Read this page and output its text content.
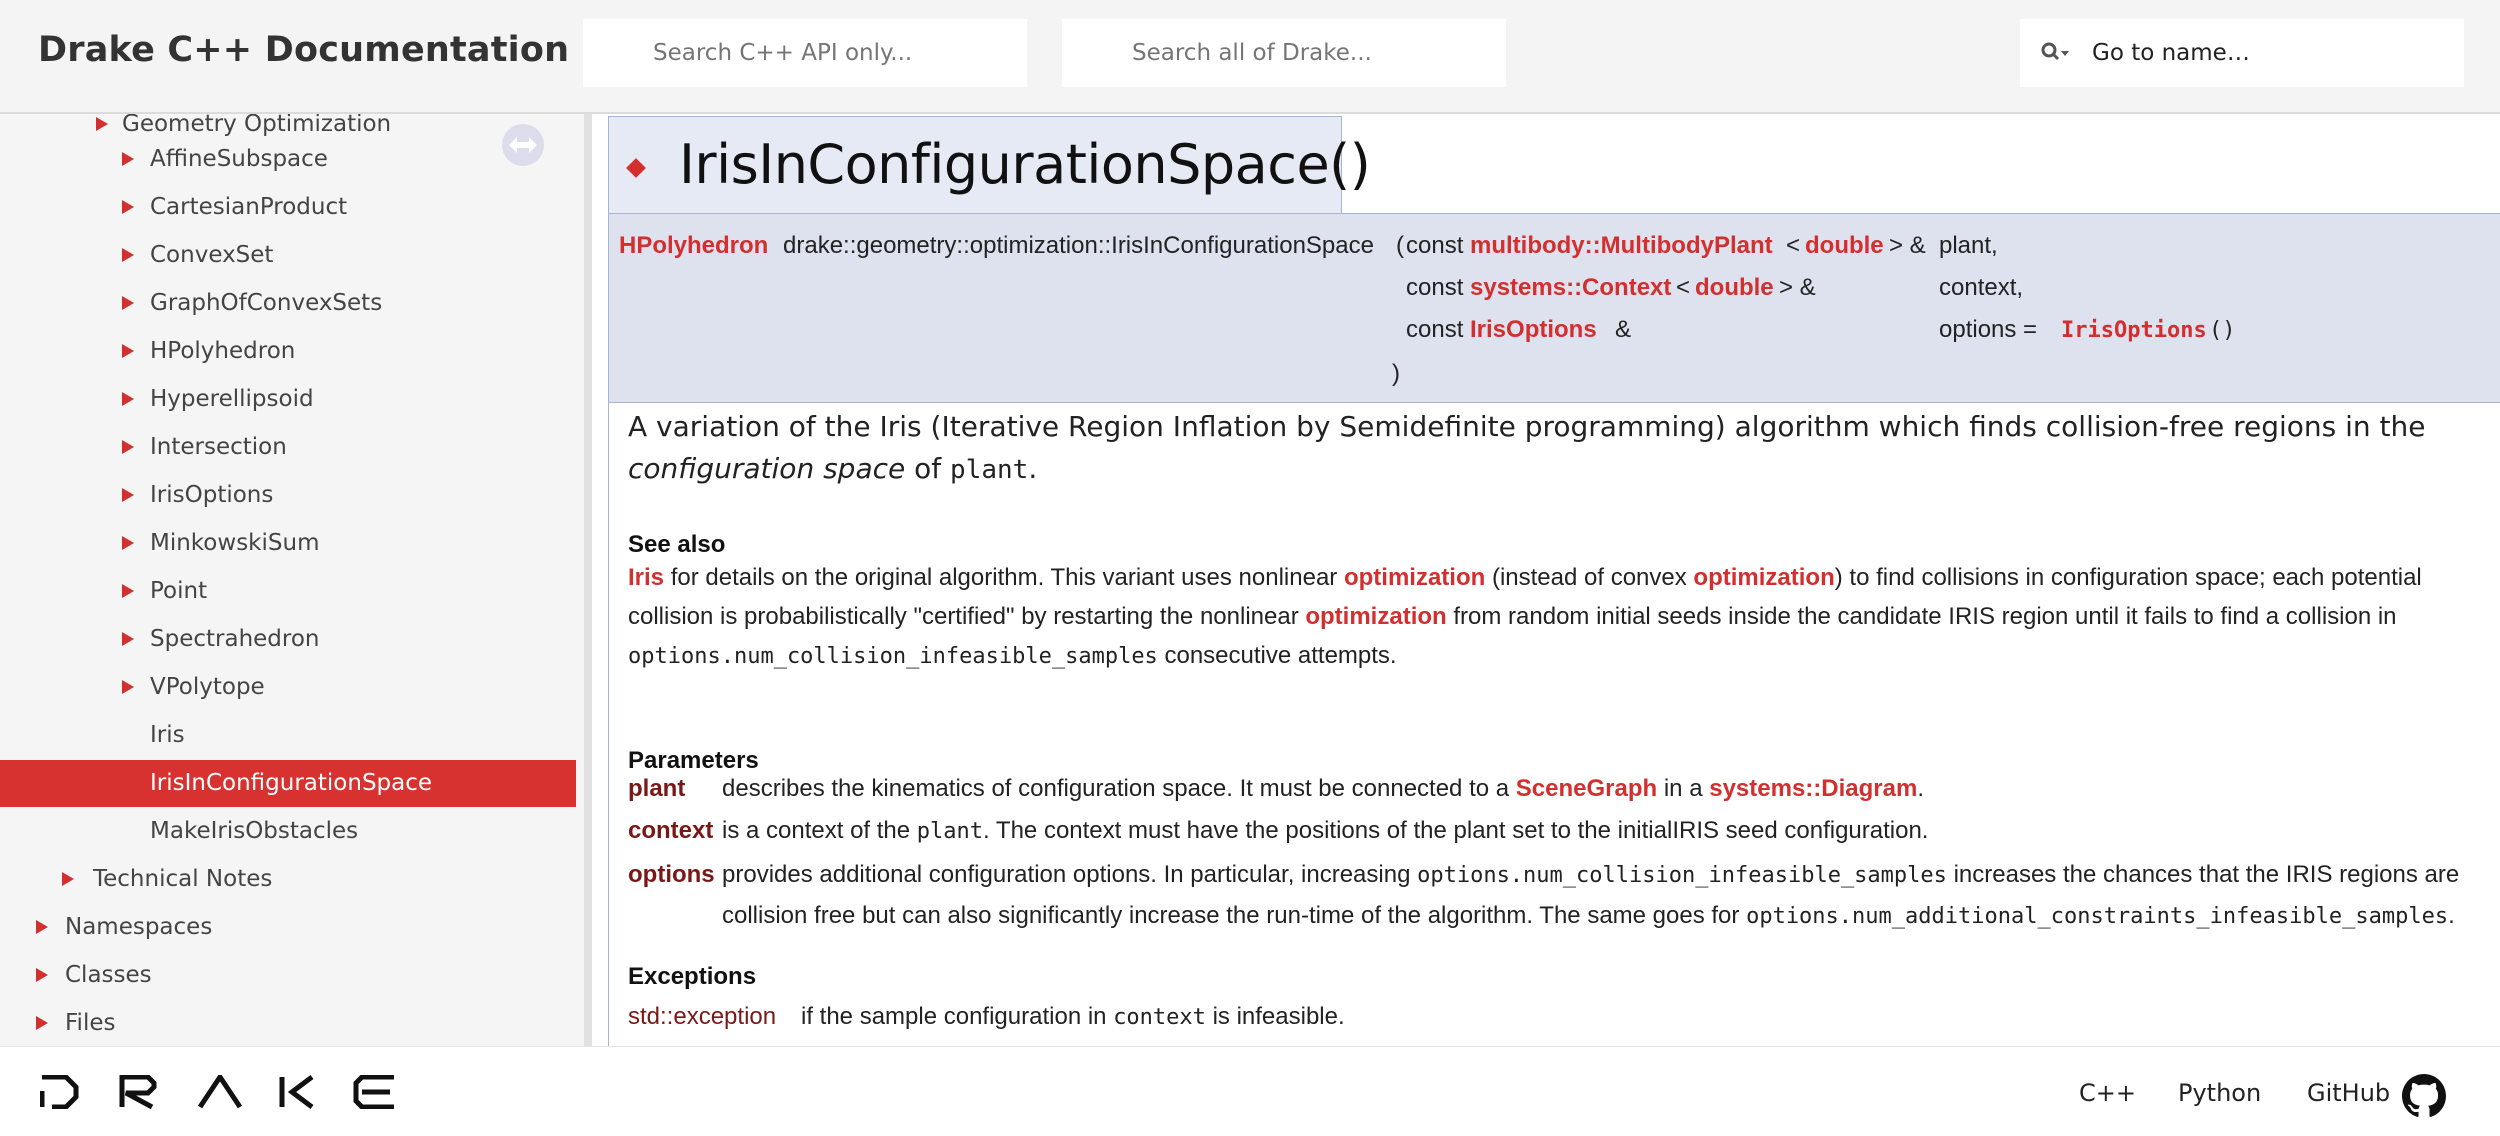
Drake C++ Documentation	Search C++ API only...	Search all of Drake...	Go to name…
Geometry Optimization
AffineSubspace
CartesianProduct
ConvexSet
GraphOfConvexSets
HPolyhedron
Hyperellipsoid
Intersection
IrisOptions
MinkowskiSum
Point
Spectrahedron
VPolytope
Iris
IrisInConfigurationSpace
MakeIrisObstacles
Technical Notes
Namespaces
Classes
Files
IrisInConfigurationSpace()
HPolyhedron drake::geometry::optimization::IrisInConfigurationSpace ( const multibody::MultibodyPlant < double > & plant,
const systems::Context < double > &	context,
const IrisOptions &	options = IrisOptions ()
)
A variation of the Iris (Iterative Region Inflation by Semidefinite programming) algorithm which finds collision-free regions in the
configuration space of plant.
See also
Iris for details on the original algorithm. This variant uses nonlinear optimization (instead of convex optimization) to find collisions in configuration space; each potential
collision is probabilistically "certified" by restarting the nonlinear optimization from random initial seeds inside the candidate IRIS region until it fails to find a collision in
options.num_collision_infeasible_samples consecutive attempts.
Parameters
plant describes the kinematics of configuration space. It must be connected to a SceneGraph in a systems::Diagram.
context is a context of the plant. The context must have the positions of the plant set to the initialIRIS seed configuration.
options provides additional configuration options. In particular, increasing options.num_collision_infeasible_samples increases the chances that the IRIS regions are
collision free but can also significantly increase the run-time of the algorithm. The same goes for options.num_additional_constraints_infeasible_samples.
Exceptions
std::exception if the sample configuration in context is infeasible.
C++ Python GitHub
